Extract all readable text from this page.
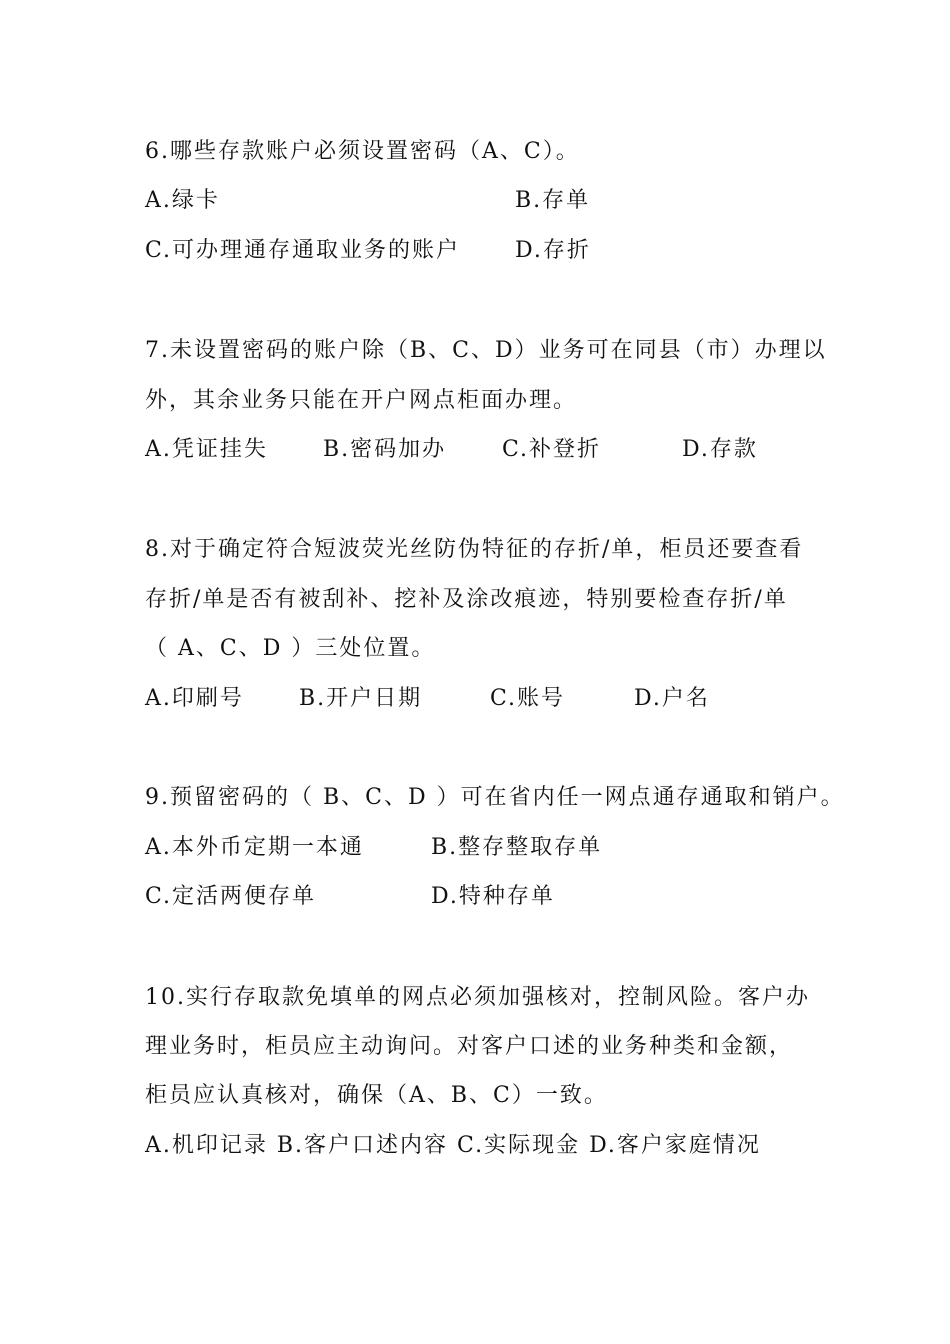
6.哪些存款账户必须设置密码（A、C）。
A.绿卡	B.存单
C.可办理通存通取业务的账户 D.存折
7.未设置密码的账户除（B、C、D）业务可在同县（市）办理以
外，其余业务只能在开户网点柜面办理。
A.凭证挂失	B.密码加办	C.补登折	D.存款
8.对于确定符合短波荧光丝防伪特征的存折/单，柜员还要查看
存折/单是否有被刮补、挖补及涂改痕迹，特别要检查存折/单
（ A、C、D ）三处位置。
A.印刷号	B.开户日期	C.账号	D.户名
9.预留密码的（ B、C、D ）可在省内任一网点通存通取和销户。
A.本外币定期一本通	B.整存整取存单
C.定活两便存单	D.特种存单
10.实行存取款免填单的网点必须加强核对，控制风险。客户办
理业务时，柜员应主动询问。对客户口述的业务种类和金额，
柜员应认真核对，确保（A、B、C）一致。
A.机印记录 B.客户口述内容 C.实际现金 D.客户家庭情况
